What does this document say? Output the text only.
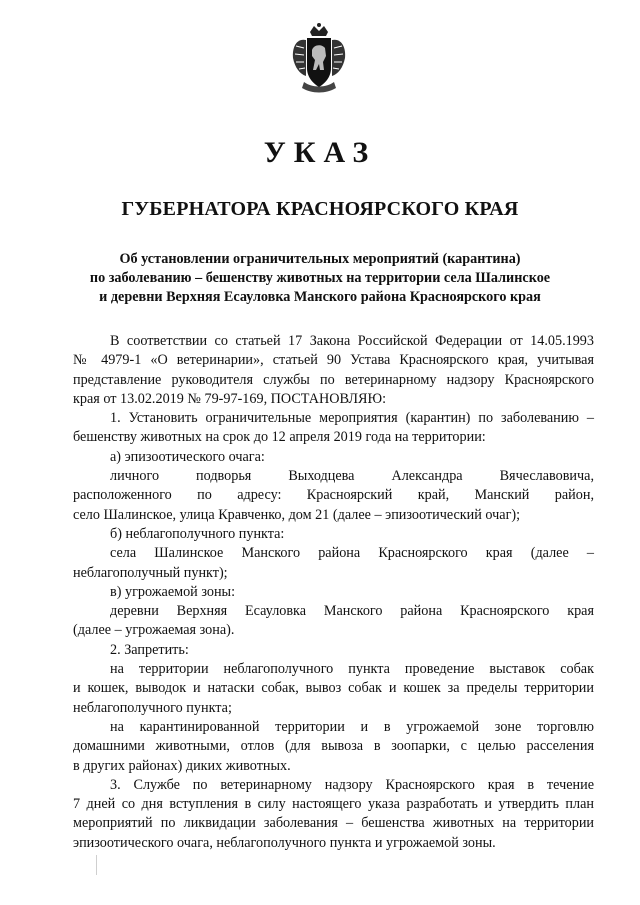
УКАЗ
ГУБЕРНАТОРА КРАСНОЯРСКОГО КРАЯ
Об установлении ограничительных мероприятий (карантина)
по заболеванию – бешенству животных на территории села Шалинское
и деревни Верхняя Есауловка Манского района Красноярского края

В соответствии со статьей 17 Закона Российской Федерации от 14.05.1993
№ 4979-1 «О ветеринарии», статьей 90 Устава Красноярского края, учитывая
представление руководителя службы по ветеринарному надзору Красноярского
края от 13.02.2019 № 79-97-169, ПОСТАНОВЛЯЮ:

1. Установить ограничительные мероприятия (карантин) по заболеванию –
бешенству животных на срок до 12 апреля 2019 года на территории:

а) эпизоотического очага:

личного подворья Выходцева Александра Вячеславовича,
расположенного по адресу: Красноярский край, Манский район,
село Шалинское, улица Кравченко, дом 21 (далее – эпизоотический очаг);

б) неблагополучного пункта:

села Шалинское Манского района Красноярского края (далее –
неблагополучный пункт);

в) угрожаемой зоны:

деревни Верхняя Есауловка Манского района Красноярского края
(далее – угрожаемая зона).

2. Запретить:

на территории неблагополучного пункта проведение выставок собак
и кошек, выводок и натаски собак, вывоз собак и кошек за пределы территории
неблагополучного пункта;

на карантинированной территории и в угрожаемой зоне торговлю
домашними животными, отлов (для вывоза в зоопарки, с целью расселения
в других районах) диких животных.

3. Службе по ветеринарному надзору Красноярского края в течение
7 дней со дня вступления в силу настоящего указа разработать и утвердить план
мероприятий по ликвидации заболевания – бешенства животных на территории
эпизоотического очага, неблагополучного пункта и угрожаемой зоны.
